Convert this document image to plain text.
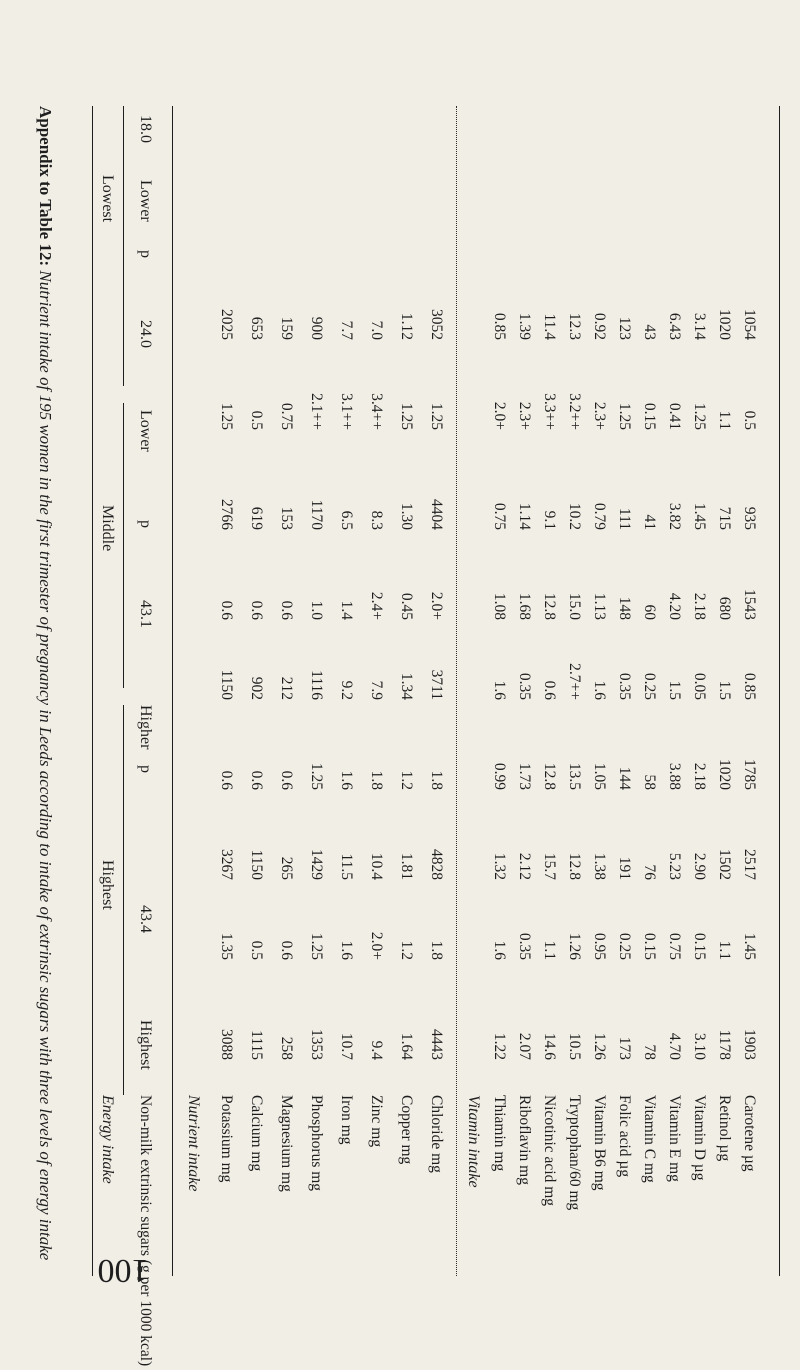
100
Appendix to Table 12: Nutrient intake of 195 women in the first trimester of pregnancy in Leeds according to intake of extrinsic sugars with three levels of energy intake	Highest
Middle
Lowest
Energy intake
Highest
43.4
p
Higher
43.1
p
Lower
24.0
p
Lower
18.0
Non-milk extrinsic sugars (g per 1000 kcal) Nutrient intake Potassium mg
3088
1.35
3267
0.6
1150
0.6
2766
1.25
2025
Calcium mg
1115
0.5
1150
0.6
902
0.6
619
0.5
653
Magnesium mg
258
0.6
265
0.6
212
0.6
153
0.75
159
Phosphorus mg
1353
1.25
1429
1.25
1116
1.0
1170
2.1++
900
Iron mg
10.7
1.6
11.5
1.6
9.2
1.4
6.5
3.1++
7.7
Zinc mg
9.4
2.0+
10.4
1.8
7.9
2.4+
8.3
3.4++
7.0
Copper mg
1.64
1.2
1.81
1.2
1.34
0.45
1.30
1.25
1.12
Chloride mg
4443
1.8
4828
1.8
3711
2.0+
4404
1.25
3052
Vitamin intake Thiamin mg
1.22
1.6
1.32
0.99
1.6
1.08
0.75
2.0+
0.85
Riboflavin mg
2.07
0.35
2.12
1.73
0.35
1.68
1.14
2.3+
1.39
Nicotinic acid mg
14.6
1.1
15.7
12.8
0.6
12.8
9.1
3.3++
11.4
Tryptophan/60 mg
10.5
1.26
12.8
13.5
2.7++
15.0
10.2
3.2++
12.3
Vitamin B6 mg
1.26
0.95
1.38
1.05
1.6
1.13
0.79
2.3+
0.92
Folic acid µg
173
0.25
191
144
0.35
148
111
1.25
123
Vitamin C mg
78
0.15
76
58
0.25
60
41
0.15
43
Vitamin E mg
4.70
0.75
5.23
3.88
1.5
4.20
3.82
0.41
6.43
Vitamin D µg
3.10
0.15
2.90
2.18
0.05
2.18
1.45
1.25
3.14
Retinol µg
1178
1.1
1502
1020
1.5
680
715
1.1
1020
Carotene µg
1903
1.45
2517
1785
0.85
1543
935
0.5
1054
